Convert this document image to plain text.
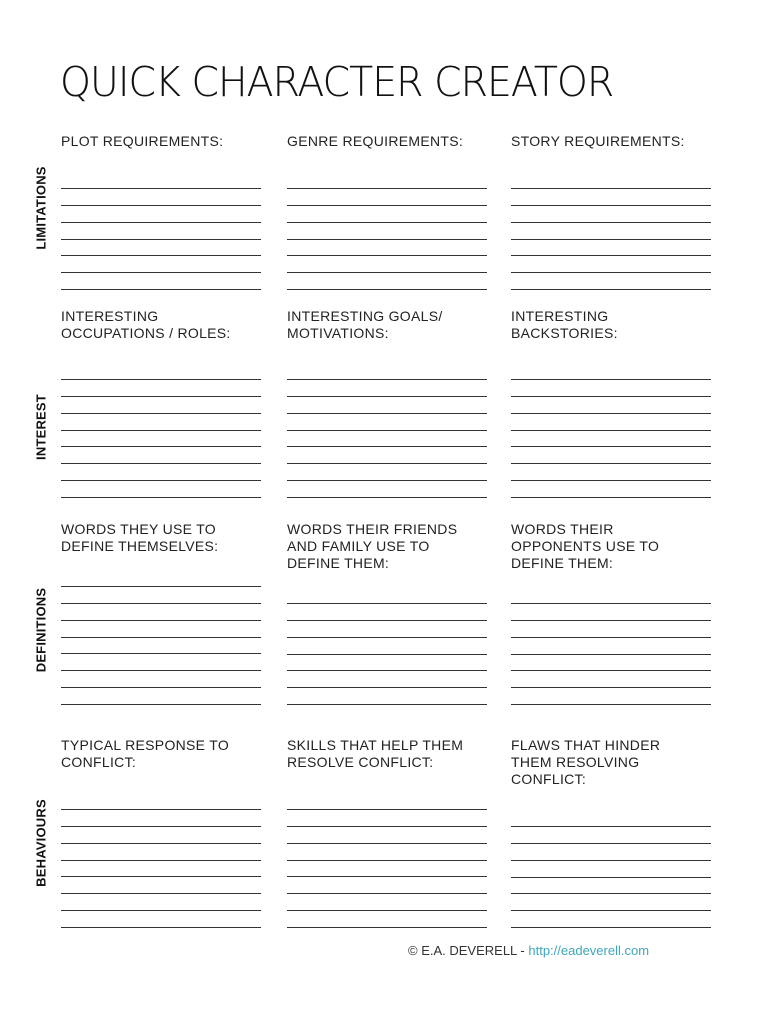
QUICK CHARACTER CREATOR
LIMITATIONS
INTEREST
DEFINITIONS
BEHAVIOURS

PLOT REQUIREMENTS:	GENRE REQUIREMENTS:	STORY REQUIREMENTS:

INTERESTING
OCCUPATIONS / ROLES:

INTERESTING GOALS/
MOTIVATIONS:

INTERESTING
BACKSTORIES:

WORDS THEY USE TO
DEFINE THEMSELVES:

WORDS THEIR FRIENDS
AND FAMILY USE TO
DEFINE THEM:

WORDS THEIR
OPPONENTS USE TO
DEFINE THEM:

TYPICAL RESPONSE TO
CONFLICT:

SKILLS THAT HELP THEM
RESOLVE CONFLICT:

FLAWS THAT HINDER
THEM RESOLVING
CONFLICT:

© E.A. DEVERELL - http://eadeverell.com
